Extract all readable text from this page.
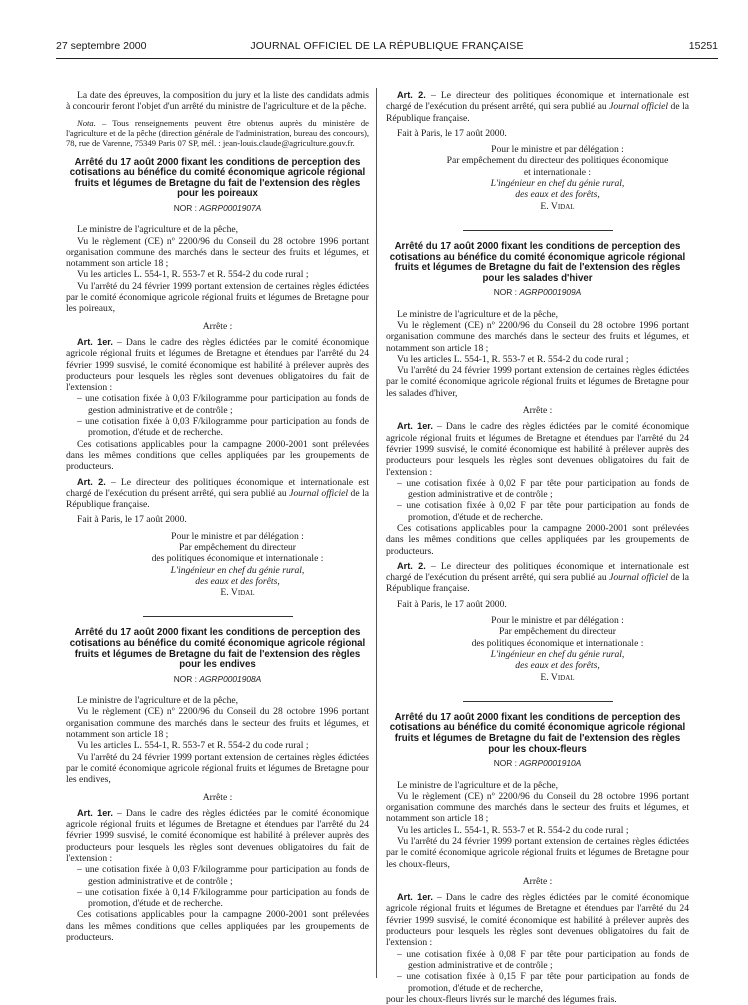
27 septembre 2000	JOURNAL OFFICIEL DE LA RÉPUBLIQUE FRANÇAISE	15251

La date des épreuves, la composition du jury et la liste des candidats admis à concourir feront l'objet d'un arrêté du ministre de l'agriculture et de la pêche.

Nota. – Tous renseignements peuvent être obtenus auprès du ministère de l'agriculture et de la pêche (direction générale de l'administration, bureau des concours), 78, rue de Varenne, 75349 Paris 07 SP, mél. : jean-louis.claude@agriculture.gouv.fr.

Arrêté du 17 août 2000 fixant les conditions de perception des cotisations au bénéfice du comité économique agricole régional fruits et légumes de Bretagne du fait de l'extension des règles pour les poireaux
NOR : AGRP0001907A

Le ministre de l'agriculture et de la pêche,

Vu le règlement (CE) nº 2200/96 du Conseil du 28 octobre 1996 portant organisation commune des marchés dans le secteur des fruits et légumes, et notamment son article 18 ;

Vu les articles L. 554-1, R. 553-7 et R. 554-2 du code rural ;

Vu l'arrêté du 24 février 1999 portant extension de certaines règles édictées par le comité économique agricole régional fruits et légumes de Bretagne pour les poireaux,

Arrête :

Art. 1er. – Dans le cadre des règles édictées par le comité économique agricole régional fruits et légumes de Bretagne et étendues par l'arrêté du 24 février 1999 susvisé, le comité économique est habilité à prélever auprès des producteurs pour lesquels les règles sont devenues obligatoires du fait de l'extension :

– une cotisation fixée à 0,03 F/kilogramme pour participation au fonds de gestion administrative et de contrôle ;

– une cotisation fixée à 0,03 F/kilogramme pour participation au fonds de promotion, d'étude et de recherche.

Ces cotisations applicables pour la campagne 2000-2001 sont prélevées dans les mêmes conditions que celles appliquées par les groupements de producteurs.

Art. 2. – Le directeur des politiques économique et internationale est chargé de l'exécution du présent arrêté, qui sera publié au Journal officiel de la République française.

Fait à Paris, le 17 août 2000.

Pour le ministre et par délégation :
Par empêchement du directeur
des politiques économique et internationale :
L'ingénieur en chef du génie rural,
des eaux et des forêts,
E. Vidal
Arrêté du 17 août 2000 fixant les conditions de perception des cotisations au bénéfice du comité économique agricole régional fruits et légumes de Bretagne du fait de l'extension des règles pour les endives
NOR : AGRP0001908A

Le ministre de l'agriculture et de la pêche,

Vu le règlement (CE) nº 2200/96 du Conseil du 28 octobre 1996 portant organisation commune des marchés dans le secteur des fruits et légumes, et notamment son article 18 ;

Vu les articles L. 554-1, R. 553-7 et R. 554-2 du code rural ;

Vu l'arrêté du 24 février 1999 portant extension de certaines règles édictées par le comité économique agricole régional fruits et légumes de Bretagne pour les endives,

Arrête :

Art. 1er. – Dans le cadre des règles édictées par le comité économique agricole régional fruits et légumes de Bretagne et étendues par l'arrêté du 24 février 1999 susvisé, le comité économique est habilité à prélever auprès des producteurs pour lesquels les règles sont devenues obligatoires du fait de l'extension :

– une cotisation fixée à 0,03 F/kilogramme pour participation au fonds de gestion administrative et de contrôle ;

– une cotisation fixée à 0,14 F/kilogramme pour participation au fonds de promotion, d'étude et de recherche.

Ces cotisations applicables pour la campagne 2000-2001 sont prélevées dans les mêmes conditions que celles appliquées par les groupements de producteurs.

Art. 2. – Le directeur des politiques économique et internationale est chargé de l'exécution du présent arrêté, qui sera publié au Journal officiel de la République française.

Fait à Paris, le 17 août 2000.

Pour le ministre et par délégation :
Par empêchement du directeur des politiques économique et internationale :
L'ingénieur en chef du génie rural,
des eaux et des forêts,
E. Vidal
Arrêté du 17 août 2000 fixant les conditions de perception des cotisations au bénéfice du comité économique agricole régional fruits et légumes de Bretagne du fait de l'extension des règles pour les salades d'hiver
NOR : AGRP0001909A

Le ministre de l'agriculture et de la pêche,

Vu le règlement (CE) nº 2200/96 du Conseil du 28 octobre 1996 portant organisation commune des marchés dans le secteur des fruits et légumes, et notamment son article 18 ;

Vu les articles L. 554-1, R. 553-7 et R. 554-2 du code rural ;

Vu l'arrêté du 24 février 1999 portant extension de certaines règles édictées par le comité économique agricole régional fruits et légumes de Bretagne pour les salades d'hiver,

Arrête :

Art. 1er. – Dans le cadre des règles édictées par le comité économique agricole régional fruits et légumes de Bretagne et étendues par l'arrêté du 24 février 1999 susvisé, le comité économique est habilité à prélever auprès des producteurs pour lesquels les règles sont devenues obligatoires du fait de l'extension :

– une cotisation fixée à 0,02 F par tête pour participation au fonds de gestion administrative et de contrôle ;

– une cotisation fixée à 0,02 F par tête pour participation au fonds de promotion, d'étude et de recherche.

Ces cotisations applicables pour la campagne 2000-2001 sont prélevées dans les mêmes conditions que celles appliquées par les groupements de producteurs.

Art. 2. – Le directeur des politiques économique et internationale est chargé de l'exécution du présent arrêté, qui sera publié au Journal officiel de la République française.

Fait à Paris, le 17 août 2000.

Pour le ministre et par délégation :
Par empêchement du directeur
des politiques économique et internationale :
L'ingénieur en chef du génie rural,
des eaux et des forêts,
E. Vidal
Arrêté du 17 août 2000 fixant les conditions de perception des cotisations au bénéfice du comité économique agricole régional fruits et légumes de Bretagne du fait de l'extension des règles pour les choux-fleurs
NOR : AGRP0001910A

Le ministre de l'agriculture et de la pêche,

Vu le règlement (CE) nº 2200/96 du Conseil du 28 octobre 1996 portant organisation commune des marchés dans le secteur des fruits et légumes, et notamment son article 18 ;

Vu les articles L. 554-1, R. 553-7 et R. 554-2 du code rural ;

Vu l'arrêté du 24 février 1999 portant extension de certaines règles édictées par le comité économique agricole régional fruits et légumes de Bretagne pour les choux-fleurs,

Arrête :

Art. 1er. – Dans le cadre des règles édictées par le comité économique agricole régional fruits et légumes de Bretagne et étendues par l'arrêté du 24 février 1999 susvisé, le comité économique est habilité à prélever auprès des producteurs pour lesquels les règles sont devenues obligatoires du fait de l'extension :

– une cotisation fixée à 0,08 F par tête pour participation au fonds de gestion administrative et de contrôle ;

– une cotisation fixée à 0,15 F par tête pour participation au fonds de promotion, d'étude et de recherche,

pour les choux-fleurs livrés sur le marché des légumes frais.
